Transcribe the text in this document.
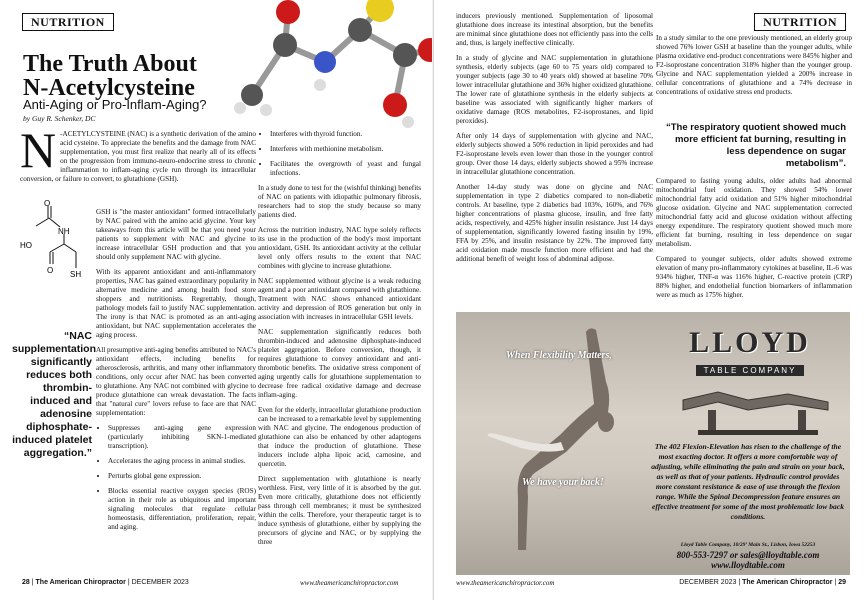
NUTRITION
The Truth About
N-Acetylcysteine
Anti-Aging or Pro-Inflam-Aging?
by Guy R. Schenker, DC
N -ACETYLCYSTEINE (NAC) is a synthetic derivation of the amino acid cysteine. To appreciate the benefits and the damage from NAC supplementation, you must first realize that nearly all of its effects on the progression from immuno-neuro-endocrine stress to chronic inflammation to inflam-aging cycle run through its intracellular conversion, or failure to convert, to glutathione (GSH).
O
NH
HO
O SH

GSH is "the master antioxidant" formed intracellularly by NAC paired with the amino acid glycine. Your key takeaways from this article will be that you need your patients to supplement with NAC and glycine to increase intracellular GSH production and that you should only supplement NAC with glycine.

With its apparent antioxidant and anti-inflammatory properties, NAC has gained extraordinary popularity in alternative medicine and among health food store shoppers and nutritionists. Regrettably, though, pathology models fail to justify NAC supplementation. The irony is that NAC is promoted as an anti-aging antioxidant, but NAC supplementation accelerates the aging process.

All presumptive anti-aging benefits attributed to NAC's antioxidant effects, including benefits for atherosclerosis, arthritis, and many other inflammatory conditions, only occur after NAC has been converted to glutathione. Any NAC not combined with glycine to produce glutathione can wreak devastation. The facts that "natural cure" lovers refuse to face are that NAC supplementation:

• Suppresses anti-aging gene expression (particularly inhibiting SKN-1-mediated transcription).
• Accelerates the aging process in animal studies.
• Perturbs global gene expression.
• Blocks essential reactive oxygen species (ROS) action in their role as ubiquitous and important signaling molecules that regulate cellular homeostasis, differentiation, proliferation, repair, and aging.
“NAC supplementation significantly reduces both thrombin-induced and adenosine diphosphate-induced platelet aggregation.”
• Interferes with thyroid function.
• Interferes with methionine metabolism.
• Facilitates the overgrowth of yeast and fungal infections.

In a study done to test for the (wishful thinking) benefits of NAC on patients with idiopathic pulmonary fibrosis, researchers had to stop the study because so many patients died.

Across the nutrition industry, NAC hype solely reflects its use in the production of the body's most important antioxidant, GSH. Its antioxidant activity at the cellular level only offers results to the extent that NAC combines with glycine to increase glutathione.

NAC supplemented without glycine is a weak reducing agent and a poor antioxidant compared with glutathione. Treatment with NAC shows enhanced antioxidant activity and depression of ROS generation but only in association with increases in intracellular GSH levels.

NAC supplementation significantly reduces both thrombin-induced and adenosine diphosphate-induced platelet aggregation. Before conversion, though, it requires glutathione to convey antioxidant and anti-thrombotic benefits. The oxidative stress component of aging urgently calls for glutathione supplementation to decrease free radical oxidative damage and decrease inflam-aging.

Even for the elderly, intracellular glutathione production can be increased to a remarkable level by supplementing with NAC and glycine. The endogenous production of glutathione can also be enhanced by other adaptogens that induce the production of glutathione. These inducers include alpha lipoic acid, carnosine, and quercetin.

Direct supplementation with glutathione is nearly worthless. First, very little of it is absorbed by the gut. Even more critically, glutathione does not efficiently pass through cell membranes; it must be synthesized within the cells. Therefore, your therapeutic target is to induce synthesis of glutathione, either by supplying the precursors of glycine and NAC, or by supplying the three

28 | The American Chiropractor | DECEMBER 2023	www.theamericanchiropractor.com
NUTRITION

inducers previously mentioned. Supplementation of liposomal glutathione does increase its intestinal absorption, but the benefits are minimal since glutathione does not efficiently pass into the cells and, thus, is largely ineffective clinically.

In a study of glycine and NAC supplementation in glutathione synthesis, elderly subjects (age 60 to 75 years old) compared to younger subjects (age 30 to 40 years old) showed at baseline 70% lower intracellular glutathione and 36% higher oxidized glutathione. The lower rate of glutathione synthesis in the elderly subjects at baseline was associated with significantly higher markers of oxidative damage (ROS metabolites, F2-isoprostanes, and lipid peroxides).

After only 14 days of supplementation with glycine and NAC, elderly subjects showed a 50% reduction in lipid peroxides and had F2-isoprostane levels even lower than those in the younger control group. Over those 14 days, elderly subjects showed a 95% increase in intracellular glutathione concentration.

Another 14-day study was done on glycine and NAC supplementation in type 2 diabetics compared to non-diabetic controls. At baseline, type 2 diabetics had 103%, 160%, and 76% higher concentrations of plasma glucose, insulin, and free fatty acids, respectively, and 425% higher insulin resistance. Just 14 days of supplementation, significantly lowered fasting insulin by 19%, FFA by 25%, and insulin resistance by 22%. The improved fatty acid oxidation made muscle function more efficient and had the additional benefit of weight loss of abdominal adipose.

In a study similar to the one previously mentioned, an elderly group showed 76% lower GSH at baseline than the younger adults, while plasma oxidative end-product concentrations were 845% higher and F2-isoprostane concentration 318% higher than the younger group. Glycine and NAC supplementation yielded a 200% increase in cellular concentrations of glutathione and a 74% decrease in concentrations of oxidative stress end products.

“The respiratory quotient showed much more efficient fat burning, resulting in less dependence on sugar metabolism”.

Compared to fasting young adults, older adults had abnormal mitochondrial fuel oxidation. They showed 54% lower mitochondrial fatty acid oxidation and 51% higher mitochondrial glucose oxidation. Glycine and NAC supplementation corrected mitochondrial fatty acid and glucose oxidation without affecting energy expenditure. The respiratory quotient showed much more efficient fat burning, resulting in less dependence on sugar metabolism.

Compared to younger subjects, older adults showed extreme elevation of many pro-inflammatory cytokines at baseline, IL-6 was 934% higher, TNF-α was 116% higher, C-reactive protein (CRP) 88% higher, and endothelial function biomarkers of inflammation were as much as 175% higher.

www.theamericanchiropractor.com	DECEMBER 2023 | The American Chiropractor | 29
LLOYD
TABLE COMPANY
When Flexibility Matters,
We have your back!
The 402 Flexion-Elevation has risen to the challenge of the most exacting doctor. It offers a more comfortable way of adjusting, while eliminating the pain and strain on your back, as well as that of your patients. Hydraulic control provides more constant resistance & ease of use through the flexion range. While the Spinal Decompression feature ensures an effective treatment for some of the most problematic low back conditions.
Lloyd Table Company, 10/29’ Main St., Lisbon, Iowa 52253
800-553-7297 or sales@lloydtable.com
www.lloydtable.com
